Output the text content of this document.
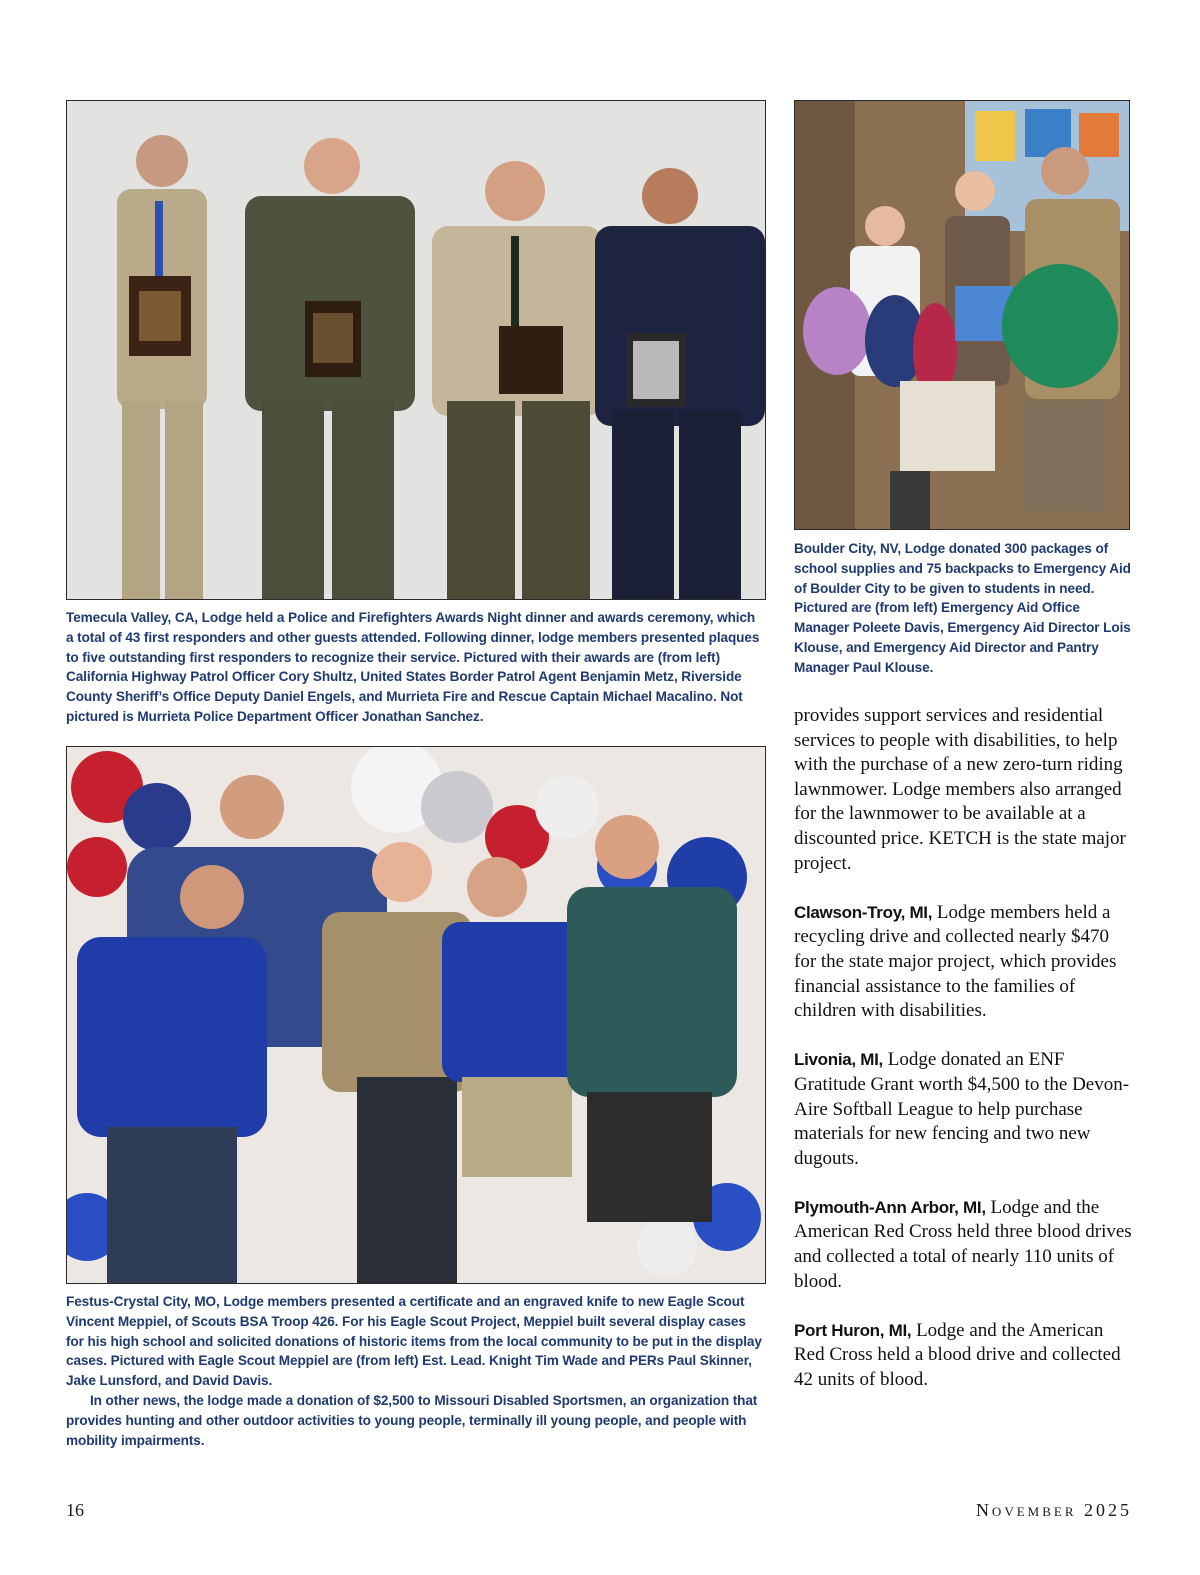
Boulder City, NV, Lodge donated 300 packages of school supplies and 75 backpacks to Emergency Aid of Boulder City to be given to students in need. Pictured are (from left) Emergency Aid Office Manager Poleete Davis, Emergency Aid Director Lois Klouse, and Emergency Aid Director and Pantry Manager Paul Klouse.

Temecula Valley, CA, Lodge held a Police and Firefighters Awards Night dinner and awards ceremony, which a total of 43 first responders and other guests attended. Following dinner, lodge members presented plaques to five outstanding first responders to recognize their service. Pictured with their awards are (from left) California Highway Patrol Officer Cory Shultz, United States Border Patrol Agent Benjamin Metz, Riverside County Sheriff’s Office Deputy Daniel Engels, and Murrieta Fire and Rescue Captain Michael Macalino. Not pictured is Murrieta Police Department Officer Jonathan Sanchez.

Festus-Crystal City, MO, Lodge members presented a certificate and an engraved knife to new Eagle Scout Vincent Meppiel, of Scouts BSA Troop 426. For his Eagle Scout Project, Meppiel built several display cases for his high school and solicited donations of historic items from the local community to be put in the display cases. Pictured with Eagle Scout Meppiel are (from left) Est. Lead. Knight Tim Wade and PERs Paul Skinner, Jake Lunsford, and David Davis.

In other news, the lodge made a donation of $2,500 to Missouri Disabled Sportsmen, an organization that provides hunting and other outdoor activities to young people, terminally ill young people, and people with mobility impairments.

provides support services and residential services to people with disabilities, to help with the purchase of a new zero-turn riding lawnmower. Lodge members also arranged for the lawnmower to be available at a discounted price. KETCH is the state major project.

Clawson-Troy, MI, Lodge members held a recycling drive and collected nearly $470 for the state major project, which provides financial assistance to the families of children with disabilities.

Livonia, MI, Lodge donated an ENF Gratitude Grant worth $4,500 to the Devon-Aire Softball League to help purchase materials for new fencing and two new dugouts.

Plymouth-Ann Arbor, MI, Lodge and the American Red Cross held three blood drives and collected a total of nearly 110 units of blood.

Port Huron, MI, Lodge and the American Red Cross held a blood drive and collected 42 units of blood.

16	November 2025
